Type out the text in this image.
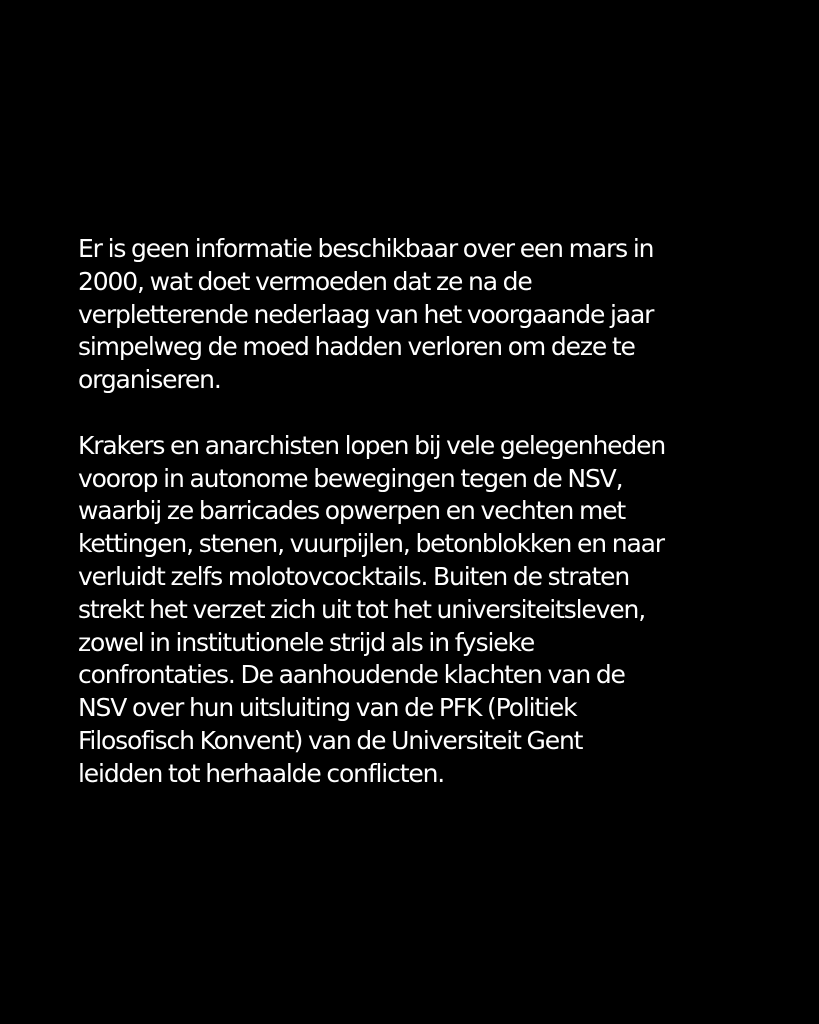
Er is geen informatie beschikbaar over een mars in
2000, wat doet vermoeden dat ze na de
verpletterende nederlaag van het voorgaande jaar
simpelweg de moed hadden verloren om deze te
organiseren.
Krakers en anarchisten lopen bij vele gelegenheden
voorop in autonome bewegingen tegen de NSV,
waarbij ze barricades opwerpen en vechten met
kettingen, stenen, vuurpijlen, betonblokken en naar
verluidt zelfs molotovcocktails. Buiten de straten
strekt het verzet zich uit tot het universiteitsleven,
zowel in institutionele strijd als in fysieke
confrontaties. De aanhoudende klachten van de
NSV over hun uitsluiting van de PFK (Politiek
Filosofisch Konvent) van de Universiteit Gent
leidden tot herhaalde conflicten.
